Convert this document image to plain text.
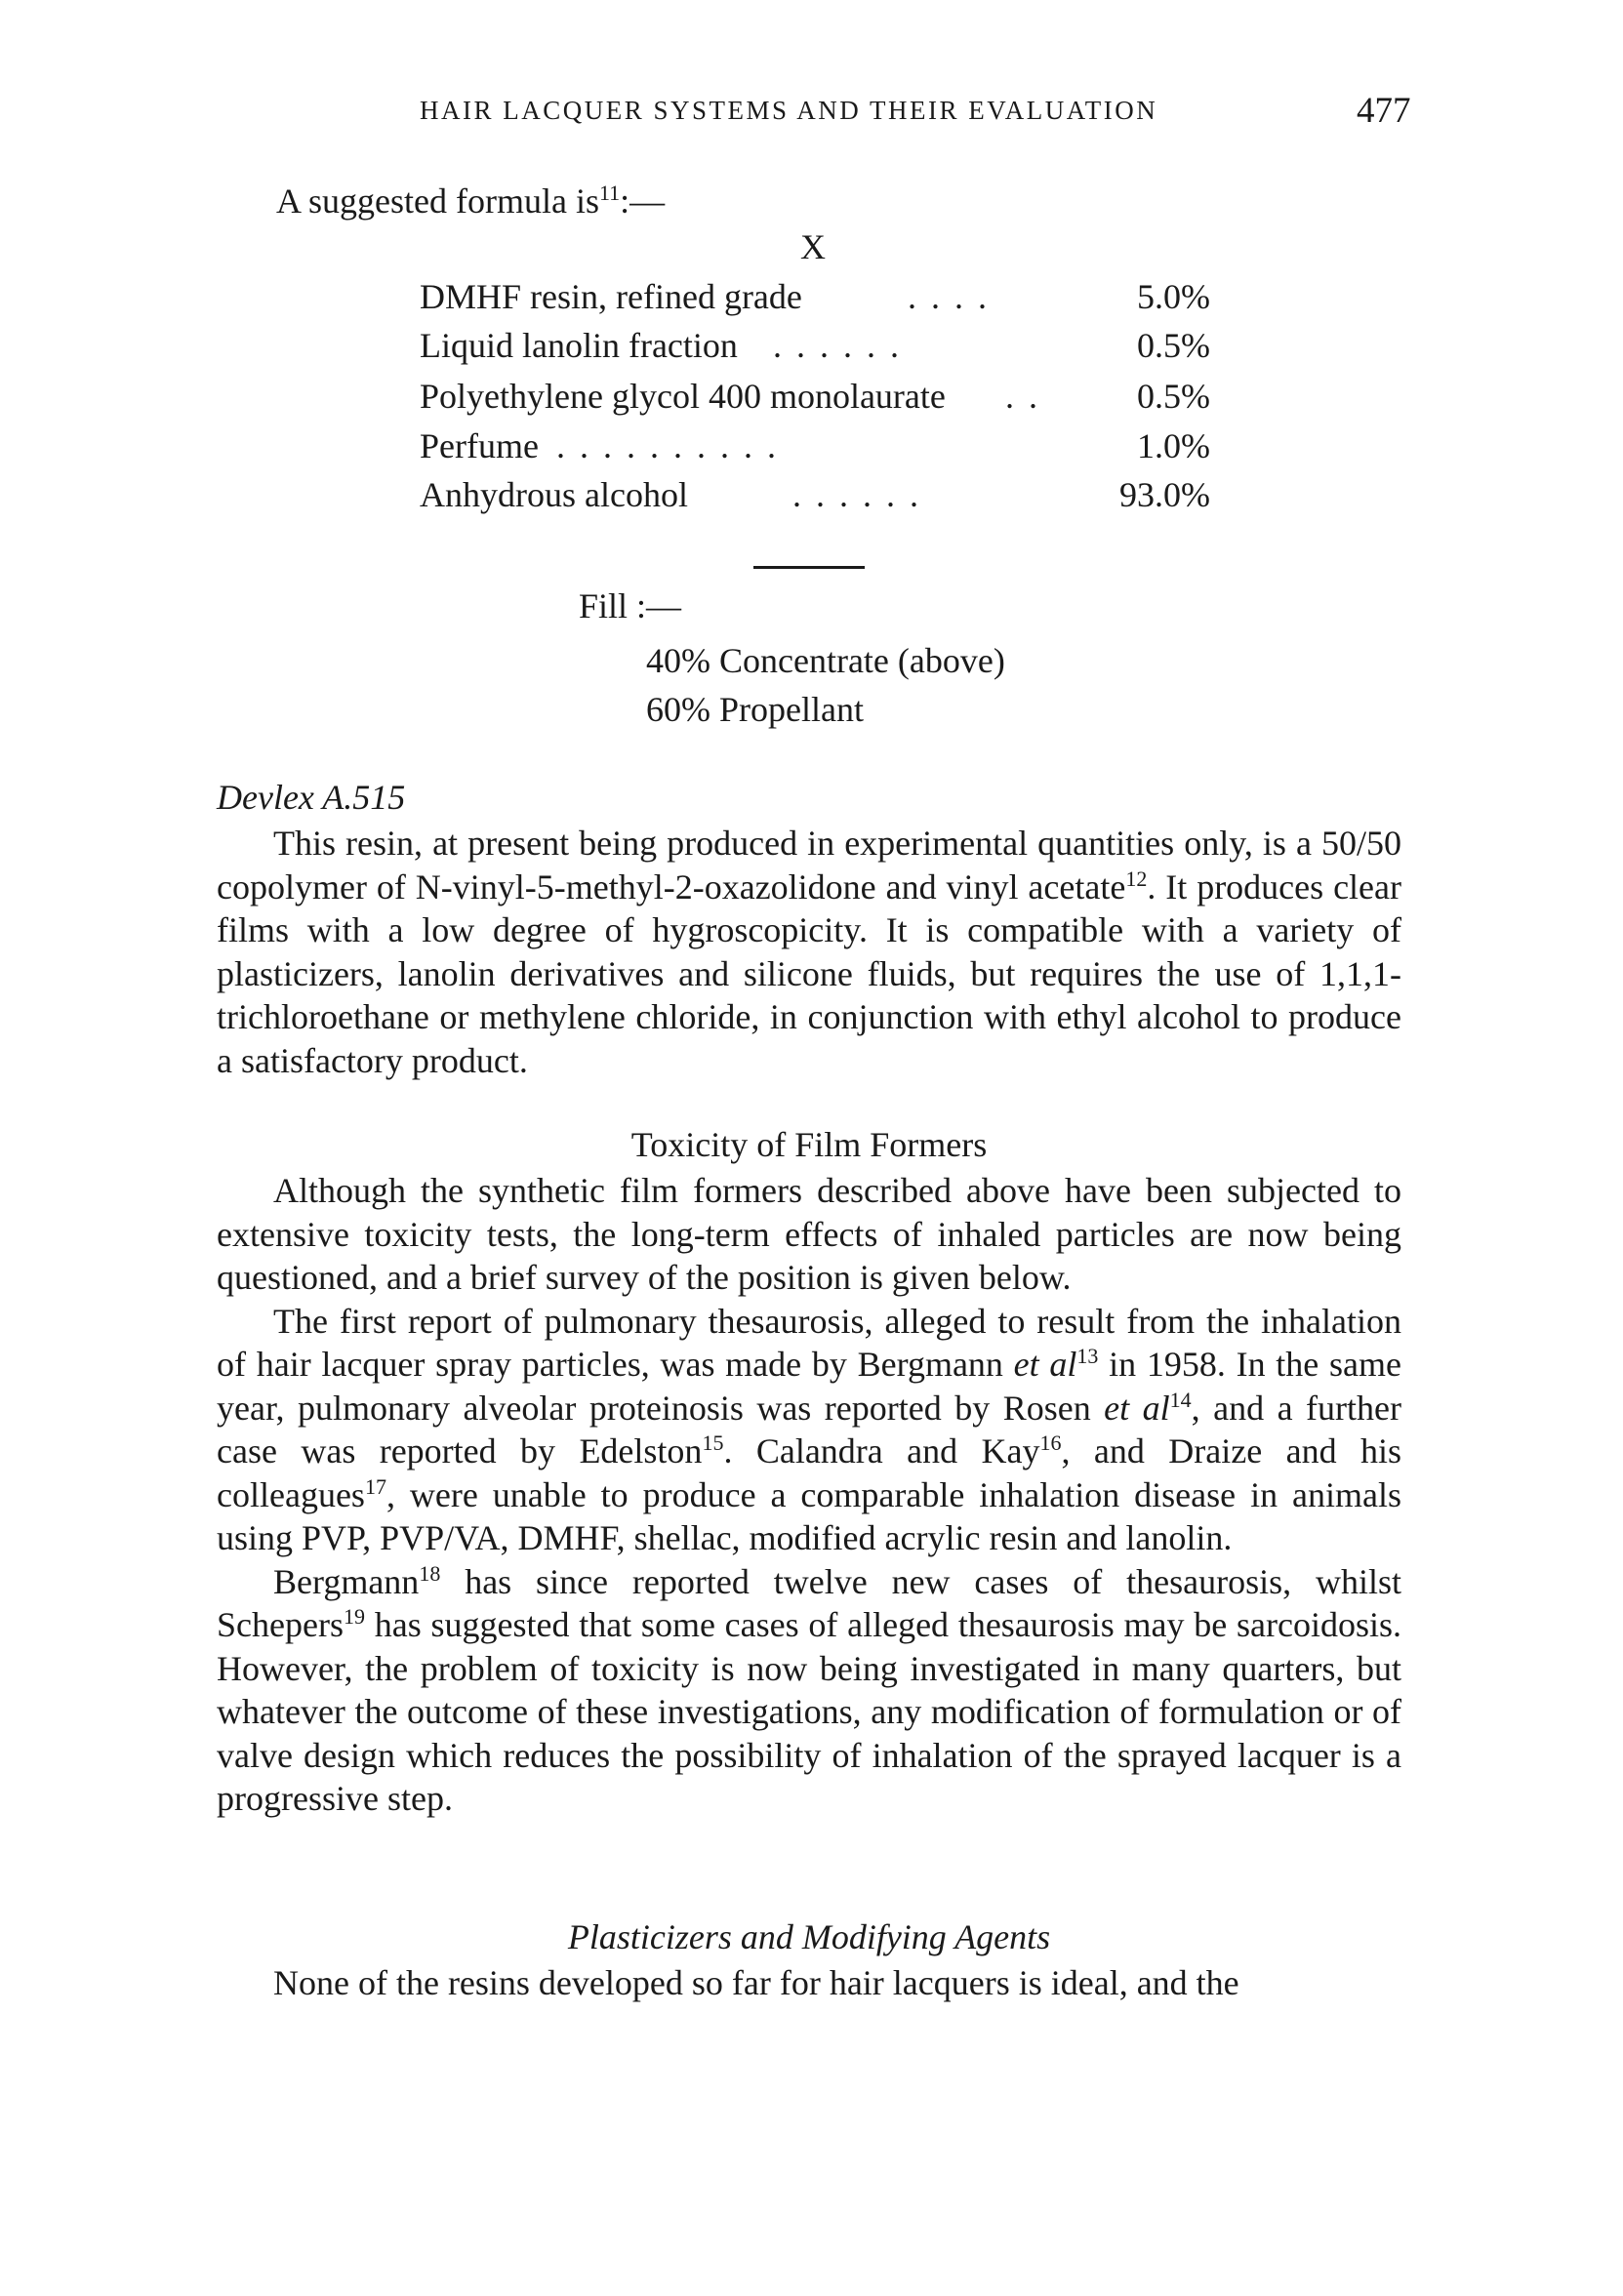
HAIR LACQUER SYSTEMS AND THEIR EVALUATION	477
A suggested formula $is^{11}:—$
X
DMHF resin, refined grade	. . . .	5.0%
Liquid lanolin fraction . . . . . .	0.5%
Polyethylene glycol 400 monolaurate . .	0.5%
Perfume . . . . . . . . . .	1.0%
Anhydrous alcohol	. . . . . .	93.0%
Fill :—
40% Concentrate (above)
60% Propellant
Devlex A.515

This resin, at present being produced in experimental quantities only, is a 50/50 copolymer of N-vinyl-5-methyl-2-oxazolidone and vinyl acetate$^{12}$. It produces clear films with a low degree of hygroscopicity. It is compatible with a variety of plasticizers, lanolin derivatives and silicone fluids, but requires the use of 1,1,1-trichloroethane or methylene chloride, in conjunction with ethyl alcohol to produce a satisfactory product.

Toxicity of Film Formers

Although the synthetic film formers described above have been subjected to extensive toxicity tests, the long-term effects of inhaled particles are now being questioned, and a brief survey of the position is given below.

The first report of pulmonary thesaurosis, alleged to result from the inhalation of hair lacquer spray particles, was made by Bergmann et $al^{13}$ in 1958. In the same year, pulmonary alveolar proteinosis was reported by Rosen et $al^{14}$, and a further case was reported by Edelston$^{15}$. Calandra and Kay$^{16}$, and Draize and his colleagues$^{17}$, were unable to produce a comparable inhalation disease in animals using PVP, PVP/VA, DMHF, shellac, modified acrylic resin and lanolin.

Bergmann$^{18}$ has since reported twelve new cases of thesaurosis, whilst Schepers$^{19}$ has suggested that some cases of alleged thesaurosis may be sarcoidosis. However, the problem of toxicity is now being investigated in many quarters, but whatever the outcome of these investigations, any modification of formulation or of valve design which reduces the possibility of inhalation of the sprayed lacquer is a progressive step.

Plasticizers and Modifying Agents

None of the resins developed so far for hair lacquers is ideal, and the
